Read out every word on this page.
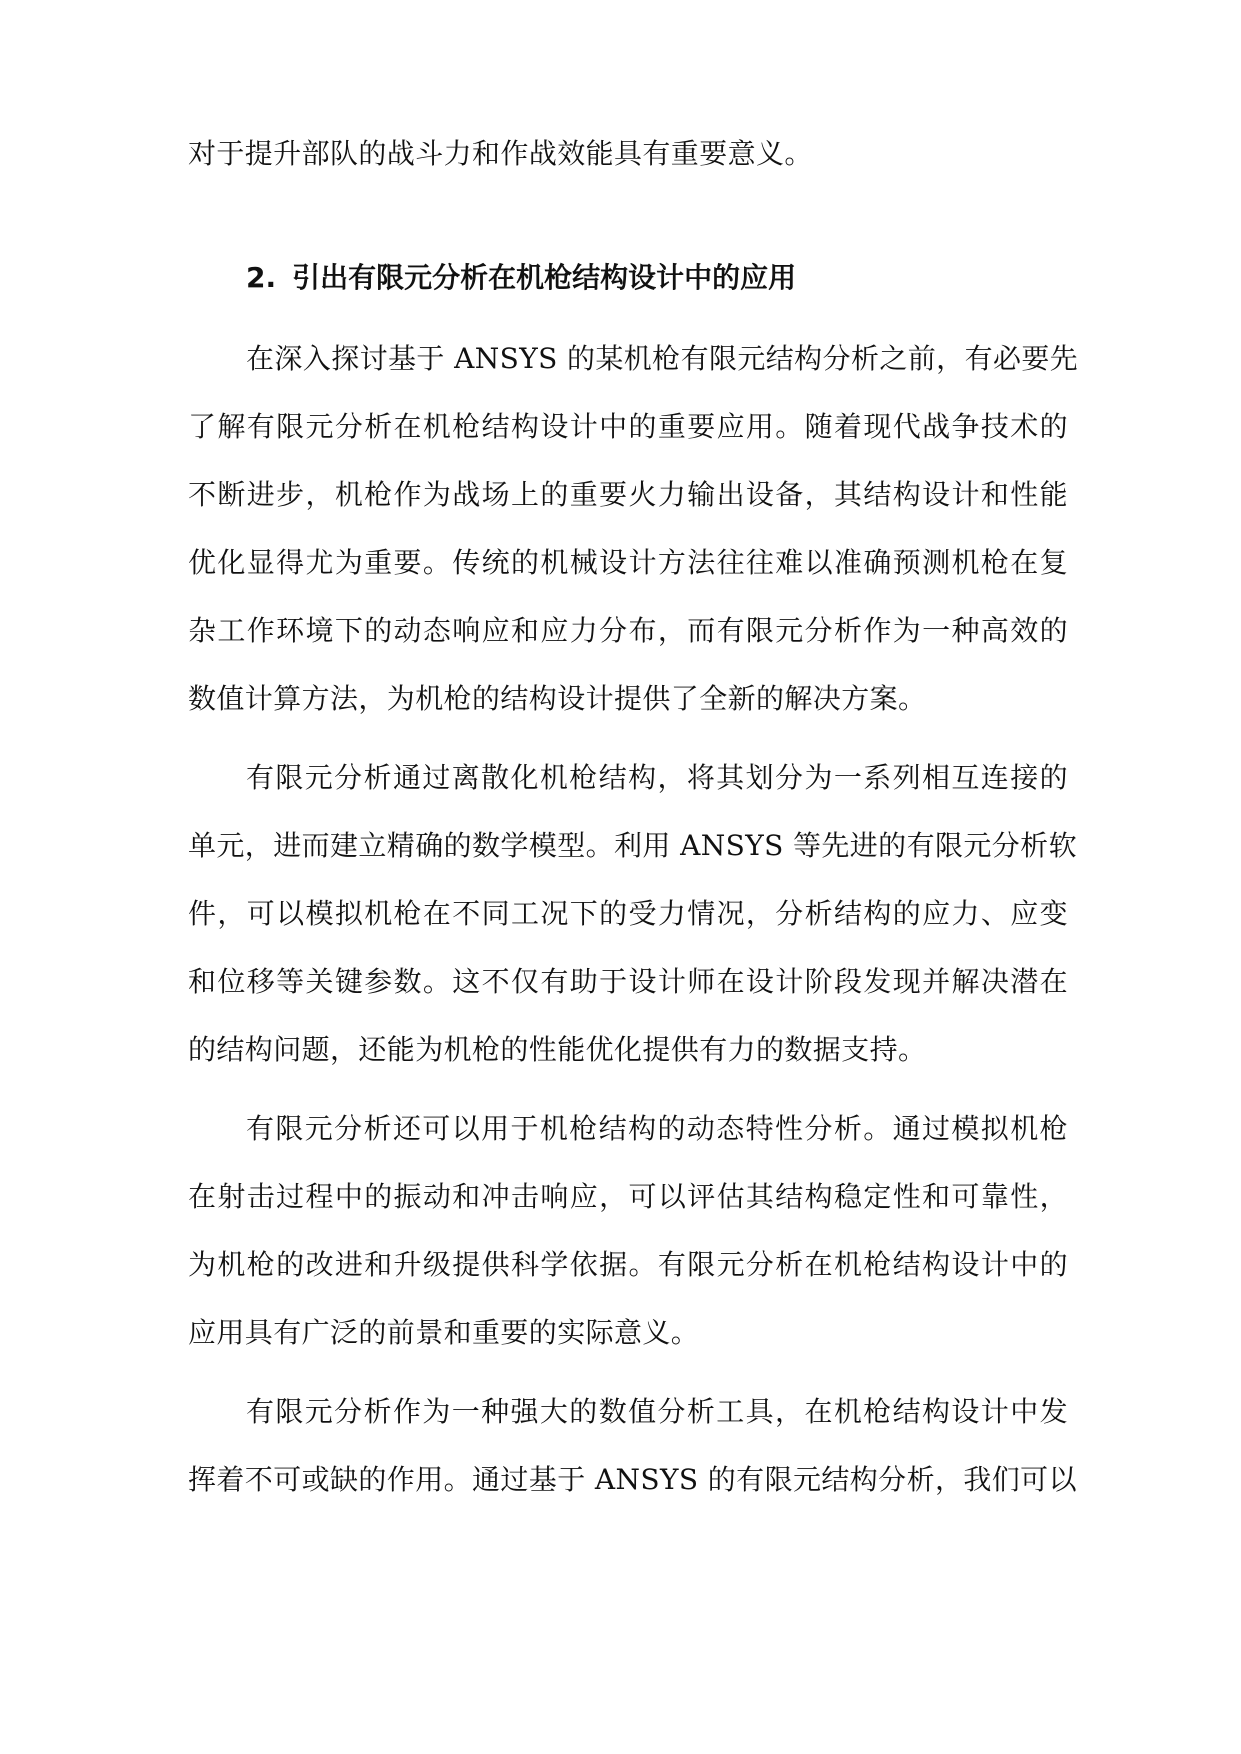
对于提升部队的战斗力和作战效能具有重要意义。
2. 引出有限元分析在机枪结构设计中的应用
在深入探讨基于 ANSYS 的某机枪有限元结构分析之前，有必要先
了解有限元分析在机枪结构设计中的重要应用。随着现代战争技术的
不断进步，机枪作为战场上的重要火力输出设备，其结构设计和性能
优化显得尤为重要。传统的机械设计方法往往难以准确预测机枪在复
杂工作环境下的动态响应和应力分布，而有限元分析作为一种高效的
数值计算方法，为机枪的结构设计提供了全新的解决方案。
有限元分析通过离散化机枪结构，将其划分为一系列相互连接的
单元，进而建立精确的数学模型。利用 ANSYS 等先进的有限元分析软
件，可以模拟机枪在不同工况下的受力情况，分析结构的应力、应变
和位移等关键参数。这不仅有助于设计师在设计阶段发现并解决潜在
的结构问题，还能为机枪的性能优化提供有力的数据支持。
有限元分析还可以用于机枪结构的动态特性分析。通过模拟机枪
在射击过程中的振动和冲击响应，可以评估其结构稳定性和可靠性，
为机枪的改进和升级提供科学依据。有限元分析在机枪结构设计中的
应用具有广泛的前景和重要的实际意义。
有限元分析作为一种强大的数值分析工具，在机枪结构设计中发
挥着不可或缺的作用。通过基于 ANSYS 的有限元结构分析，我们可以
